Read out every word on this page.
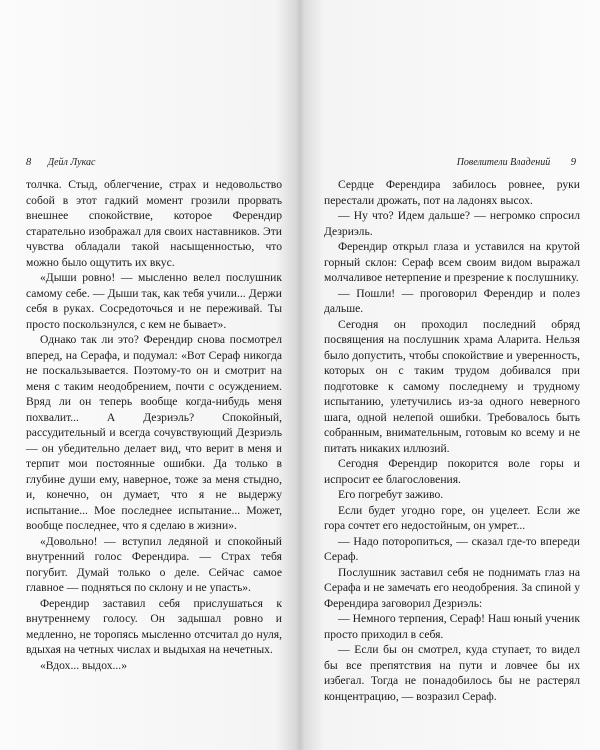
8 Дейл Лукас

толчка. Стыд, облегчение, страх и недовольство собой в этот гадкий момент грозили прорвать внешнее спокойствие, которое Ферендир старательно изображал для своих наставников. Эти чувства обладали такой насыщенностью, что можно было ощутить их вкус.

«Дыши ровно! — мысленно велел послушник самому себе. — Дыши так, как тебя учили... Держи себя в руках. Сосредоточься и не переживай. Ты просто поскользнулся, с кем не бывает».

Однако так ли это? Ферендир снова посмотрел вперед, на Серафа, и подумал: «Вот Сераф никогда не поскальзывается. Поэтому-то он и смотрит на меня с таким неодобрением, почти с осуждением. Вряд ли он теперь вообще когда-нибудь меня похвалит... А Дезриэль? Спокойный, рассудительный и всегда сочувствующий Дезриэль — он убедительно делает вид, что верит в меня и терпит мои постоянные ошибки. Да только в глубине души ему, наверное, тоже за меня стыдно, и, конечно, он думает, что я не выдержу испытание... Мое последнее испытание... Может, вообще последнее, что я сделаю в жизни».

«Довольно! — вступил ледяной и спокойный внутренний голос Ферендира. — Страх тебя погубит. Думай только о деле. Сейчас самое главное — подняться по склону и не упасть».

Ферендир заставил себя прислушаться к внутреннему голосу. Он задышал ровно и медленно, не торопясь мысленно отсчитал до нуля, вдыхая на четных числах и выдыхая на нечетных.

«Вдох... выдох...»

Повелители Владений 9

Сердце Ферендира забилось ровнее, руки перестали дрожать, пот на ладонях высох.

— Ну что? Идем дальше? — негромко спросил Дезриэль.

Ферендир открыл глаза и уставился на крутой горный склон: Сераф всем своим видом выражал молчаливое нетерпение и презрение к послушнику.

— Пошли! — проговорил Ферендир и полез дальше.

Сегодня он проходил последний обряд посвящения на послушник храма Аларита. Нельзя было допустить, чтобы спокойствие и уверенность, которых он с таким трудом добивался при подготовке к самому последнему и трудному испытанию, улетучились из-за одного неверного шага, одной нелепой ошибки. Требовалось быть собранным, внимательным, готовым ко всему и не питать никаких иллюзий.

Сегодня Ферендир покорится воле горы и испросит ее благословения.

Его погребут заживо.

Если будет угодно горе, он уцелеет. Если же гора сочтет его недостойным, он умрет...

— Надо поторопиться, — сказал где-то впереди Сераф.

Послушник заставил себя не поднимать глаз на Серафа и не замечать его неодобрения. За спиной у Ферендира заговорил Дезриэль:

— Немного терпения, Сераф! Наш юный ученик просто приходил в себя.

— Если бы он смотрел, куда ступает, то видел бы все препятствия на пути и ловчее бы их избегал. Тогда не понадобилось бы не растерял концентрацию, — возразил Сераф.
